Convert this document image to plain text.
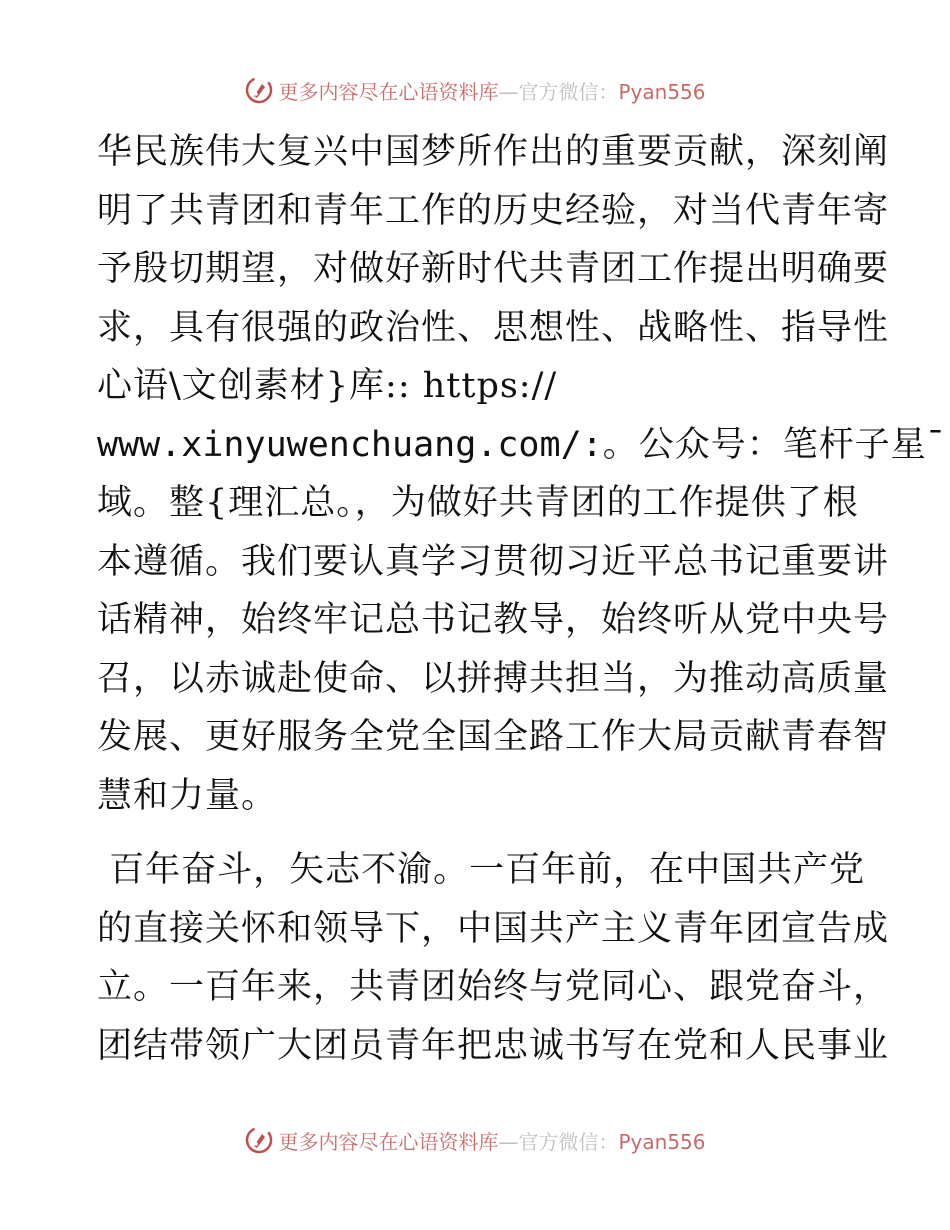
更多内容尽在心语资料库—官方微信：Pyan556
华民族伟大复兴中国梦所作出的重要贡献，深刻阐
明了共青团和青年工作的历史经验，对当代青年寄
予殷切期望，对做好新时代共青团工作提出明确要
求，具有很强的政治性、思想性、战略性、指导性
心语\文创素材}库:: https://
www.xinyuwenchuang.com/:。公众号：笔杆子星¯
域。整{理汇总。，为做好共青团的工作提供了根
本遵循。我们要认真学习贯彻习近平总书记重要讲
话精神，始终牢记总书记教导，始终听从党中央号
召，以赤诚赴使命、以拼搏共担当，为推动高质量
发展、更好服务全党全国全路工作大局贡献青春智
慧和力量。
百年奋斗，矢志不渝。一百年前，在中国共产党
的直接关怀和领导下，中国共产主义青年团宣告成
立。一百年来，共青团始终与党同心、跟党奋斗，
团结带领广大团员青年把忠诚书写在党和人民事业
更多内容尽在心语资料库—官方微信：Pyan556
